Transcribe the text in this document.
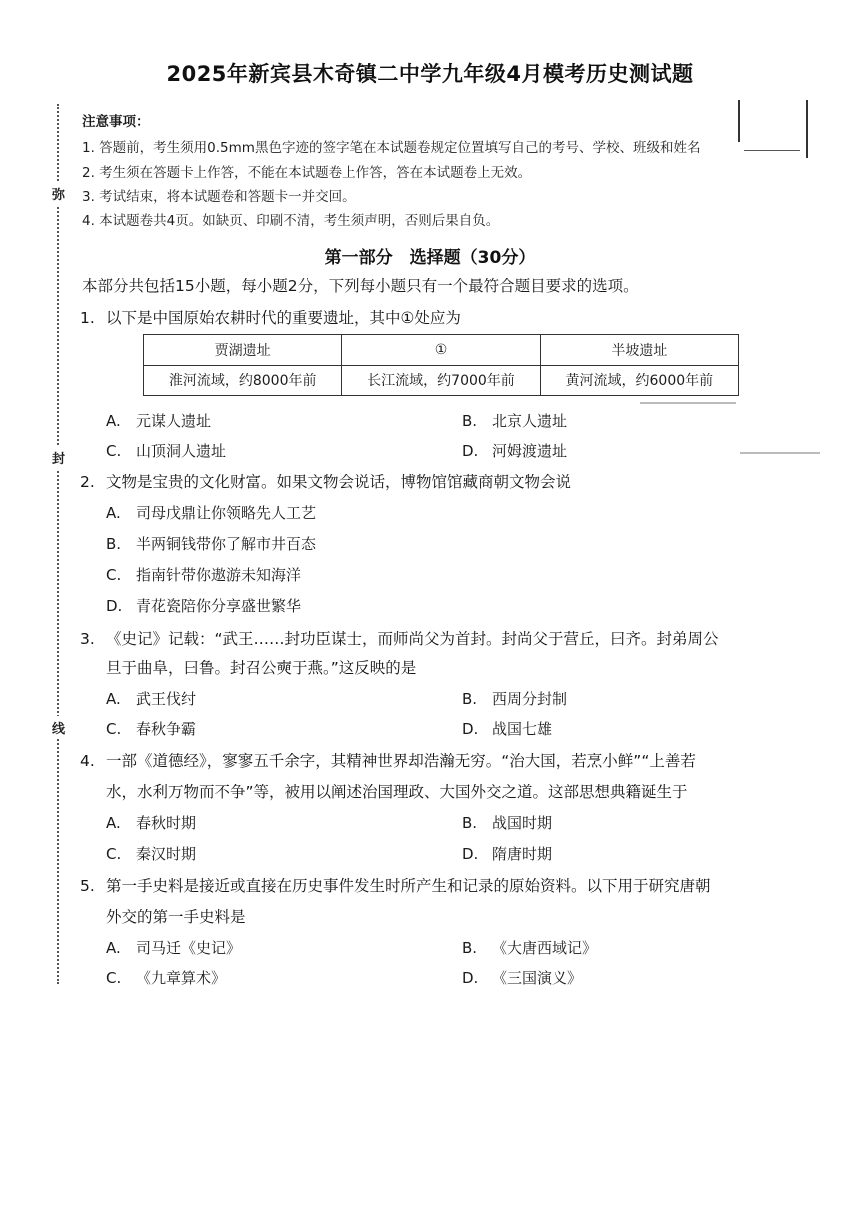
2025年新宾县木奇镇二中学九年级4月模考历史测试题
弥
封
线
注意事项：
1. 答题前，考生须用0.5mm黑色字迹的签字笔在本试题卷规定位置填写自己的考号、学校、班级和姓名
2. 考生须在答题卡上作答，不能在本试题卷上作答，答在本试题卷上无效。
3. 考试结束，将本试题卷和答题卡一并交回。
4. 本试题卷共4页。如缺页、印刷不清，考生须声明，否则后果自负。
第一部分　选择题（30分）
本部分共包括15小题，每小题2分，下列每小题只有一个最符合题目要求的选项。
1. 以下是中国原始农耕时代的重要遗址，其中①处应为
贾湖遗址	①	半坡遗址
淮河流域，约8000年前	长江流域，约7000年前	黄河流域，约6000年前
A. 元谋人遗址	B. 北京人遗址
C. 山顶洞人遗址	D. 河姆渡遗址
2. 文物是宝贵的文化财富。如果文物会说话，博物馆馆藏商朝文物会说
A. 司母戊鼎让你领略先人工艺
B. 半两铜钱带你了解市井百态
C. 指南针带你遨游未知海洋
D. 青花瓷陪你分享盛世繁华
3. 《史记》记载：“武王……封功臣谋士，而师尚父为首封。封尚父于营丘，曰齐。封弟周公
旦于曲阜，曰鲁。封召公奭于燕。”这反映的是
A. 武王伐纣	B. 西周分封制
C. 春秋争霸	D. 战国七雄
4. 一部《道德经》，寥寥五千余字，其精神世界却浩瀚无穷。“治大国，若烹小鲜”“上善若
水，水利万物而不争”等，被用以阐述治国理政、大国外交之道。这部思想典籍诞生于
A. 春秋时期	B. 战国时期
C. 秦汉时期	D. 隋唐时期
5. 第一手史料是接近或直接在历史事件发生时所产生和记录的原始资料。以下用于研究唐朝
外交的第一手史料是
A. 司马迁《史记》	B. 《大唐西域记》
C. 《九章算术》	D. 《三国演义》
